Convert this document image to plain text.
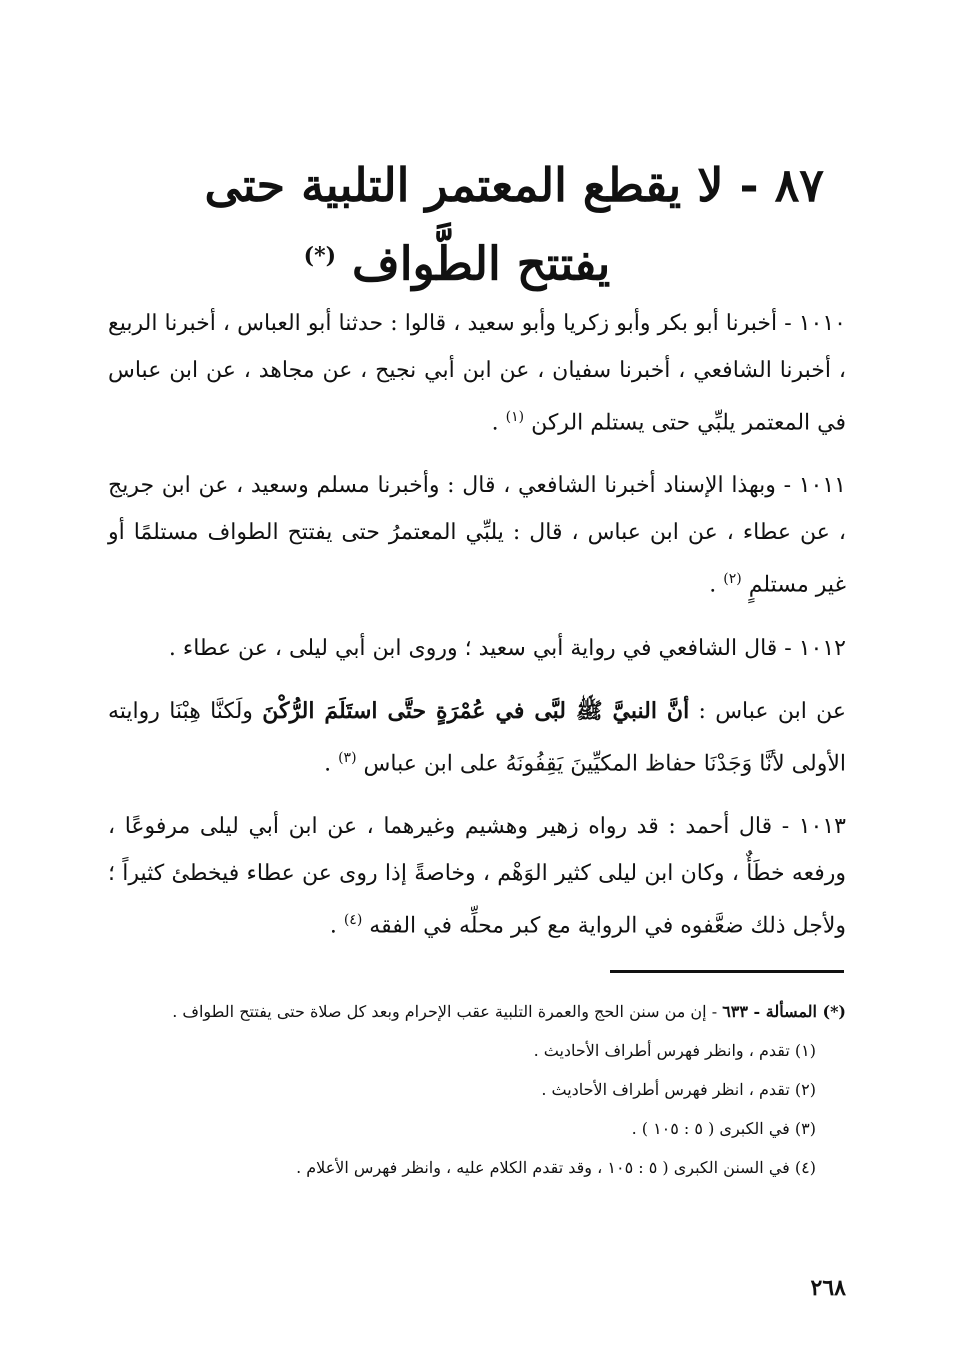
٨٧ - لا يقطع المعتمر التلبية حتى
يفتتح الطَّواف (*)

١٠١٠ - أخبرنا أبو بكر وأبو زكريا وأبو سعيد ، قالوا : حدثنا أبو العباس ، أخبرنا الربيع ، أخبرنا الشافعي ، أخبرنا سفيان ، عن ابن أبي نجيح ، عن مجاهد ، عن ابن عباس في المعتمر يلبِّي حتى يستلم الركن $^{(١)}$ .

١٠١١ - وبهذا الإسناد أخبرنا الشافعي ، قال : وأخبرنا مسلم وسعيد ، عن ابن جريج ، عن عطاء ، عن ابن عباس ، قال : يلبِّي المعتمرُ حتى يفتتح الطواف مستلمًا أو غير مستلمٍ $^{(٢)}$ .

١٠١٢ - قال الشافعي في رواية أبي سعيد ؛ وروى ابن أبي ليلى ، عن عطاء .

عن ابن عباس : أنَّ النبيَّ ﷺ لبَّى في عُمْرَةٍ حتَّى استَلَمَ الرُّكْنَ ولَكنَّا هِبْنَا روايته الأولى لأنَّا وَجَدْنَا حفاظ المكيِّينَ يَقِفُونَهُ على ابن عباس $^{(٣)}$ .

١٠١٣ - قال أحمد : قد رواه زهير وهشيم وغيرهما ، عن ابن أبي ليلى مرفوعًا ، ورفعه خطَأٌ ، وكان ابن ليلى كثير الوَهْم ، وخاصةً إذا روى عن عطاء فيخطئ كثيراً ؛ ولأجل ذلك ضعَّفوه في الرواية مع كبر محلِّه في الفقه $^{(٤)}$ .

(*) المسألة - ٦٣٣ - إن من سنن الحج والعمرة التلبية عقب الإحرام وبعد كل صلاة حتى يفتتح الطواف .

(١) تقدم ، وانظر فهرس أطراف الأحاديث .

(٢) تقدم ، انظر فهرس أطراف الأحاديث .

(٣) في الكبرى ( ٥ : ١٠٥ ) .

(٤) في السنن الكبرى ( ٥ : ١٠٥ ، وقد تقدم الكلام عليه ، وانظر فهرس الأعلام .

٢٦٨
